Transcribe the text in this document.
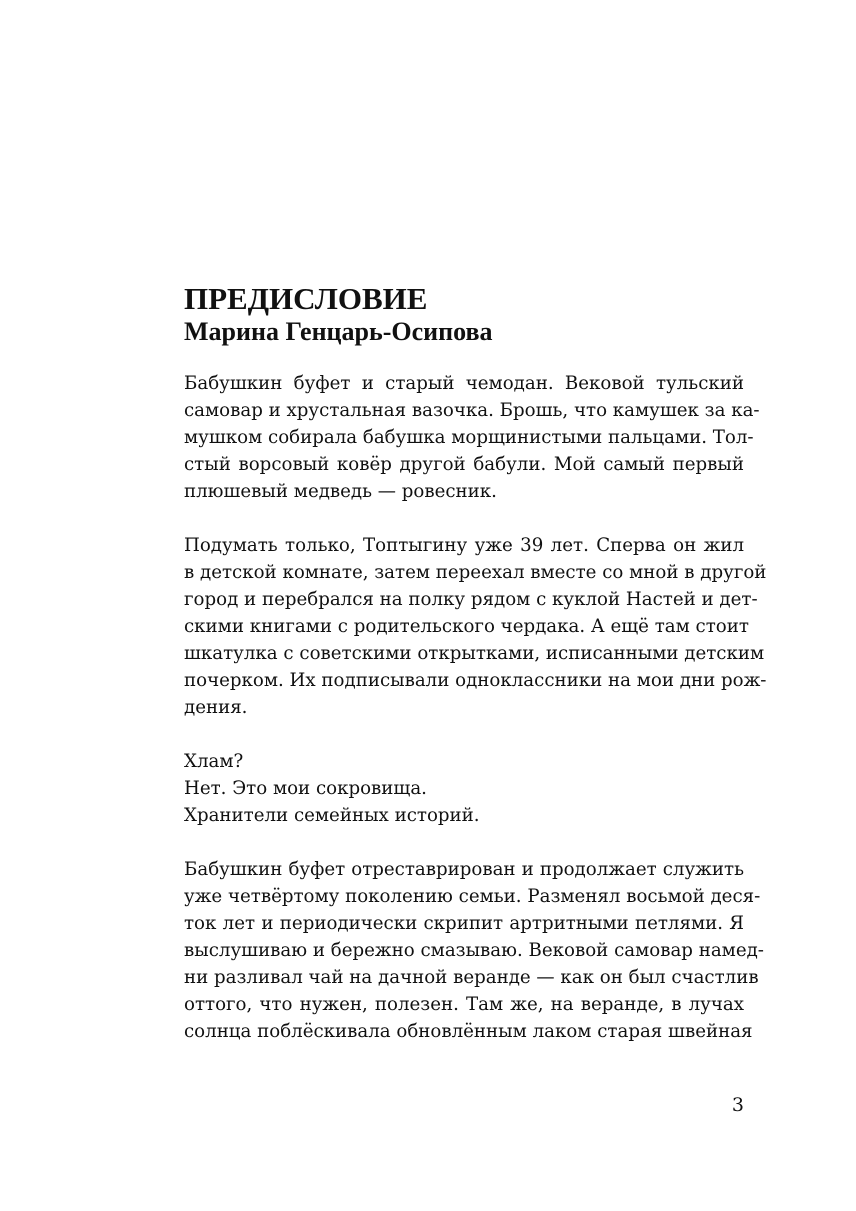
ПРЕДИСЛОВИЕ
Марина Генцарь-Осипова
Бабушкин буфет и старый чемодан. Вековой тульский
самовар и хрустальная вазочка. Брошь, что камушек за ка-
мушком собирала бабушка морщинистыми пальцами. Тол-
стый ворсовый ковёр другой бабули. Мой самый первый
плюшевый медведь — ровесник.
Подумать только, Топтыгину уже 39 лет. Сперва он жил
в детской комнате, затем переехал вместе со мной в другой
город и перебрался на полку рядом с куклой Настей и дет-
скими книгами с родительского чердака. А ещё там стоит
шкатулка с советскими открытками, исписанными детским
почерком. Их подписывали одноклассники на мои дни рож-
дения.
Хлам?
Нет. Это мои сокровища.
Хранители семейных историй.
Бабушкин буфет отреставрирован и продолжает служить
уже четвёртому поколению семьи. Разменял восьмой деся-
ток лет и периодически скрипит артритными петлями. Я
выслушиваю и бережно смазываю. Вековой самовар намед-
ни разливал чай на дачной веранде — как он был счастлив
оттого, что нужен, полезен. Там же, на веранде, в лучах
солнца поблёскивала обновлённым лаком старая швейная
3
